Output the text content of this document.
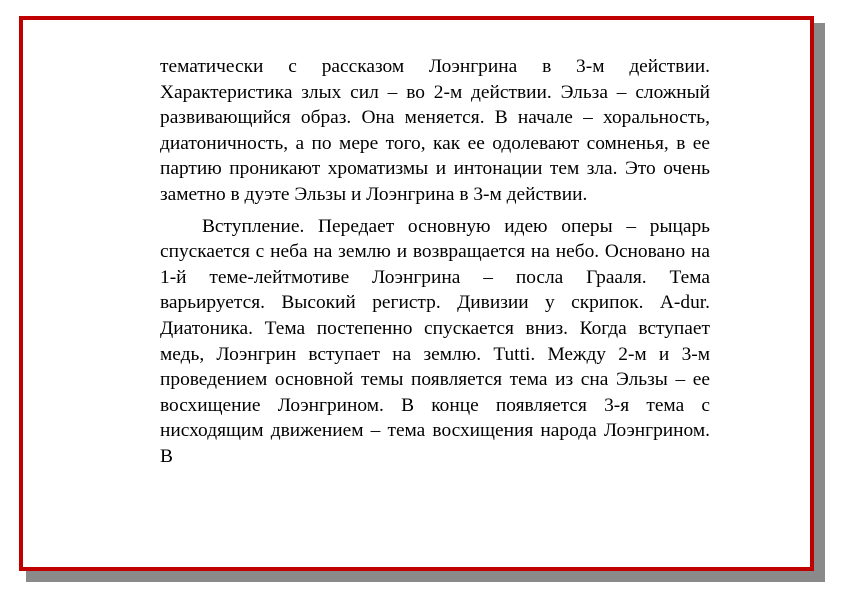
тематически с рассказом Лоэнгрина в 3-м действии. Характеристика злых сил – во 2-м действии. Эльза – сложный развивающийся образ. Она меняется. В начале – хоральность, диатоничность, а по мере того, как ее одолевают сомненья, в ее партию проникают хроматизмы и интонации тем зла. Это очень заметно в дуэте Эльзы и Лоэнгрина в 3-м действии.

Вступление. Передает основную идею оперы – рыцарь спускается с неба на землю и возвращается на небо. Основано на 1-й теме-лейтмотиве Лоэнгрина – посла Грааля. Тема варьируется. Высокий регистр. Дивизии у скрипок. A-dur. Диатоника. Тема постепенно спускается вниз. Когда вступает медь, Лоэнгрин вступает на землю. Tutti. Между 2-м и 3-м проведением основной темы появляется тема из сна Эльзы – ее восхищение Лоэнгрином. В конце появляется 3-я тема с нисходящим движением – тема восхищения народа Лоэнгрином. В
